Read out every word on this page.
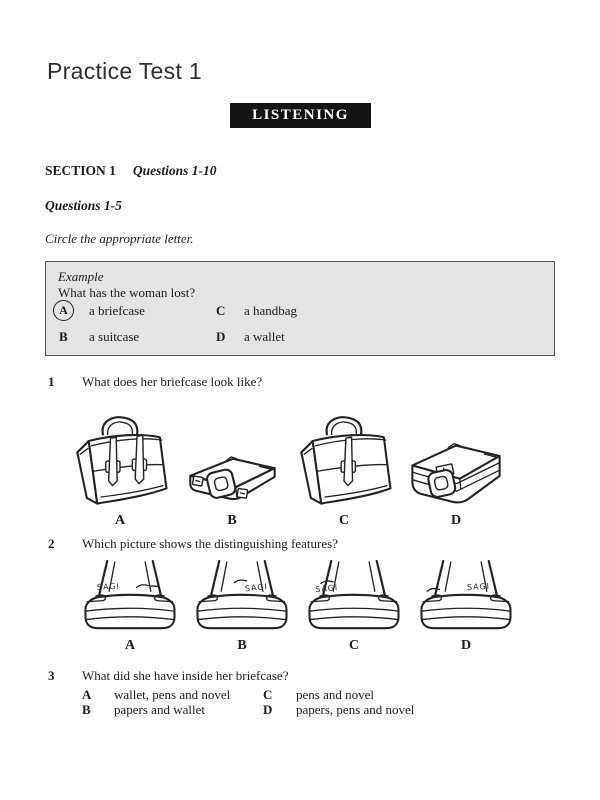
Practice Test 1
LISTENING
SECTION 1 Questions 1-10
Questions 1-5
Circle the appropriate letter.
Example
What has the woman lost?
A	a briefcase	C a handbag
B a suitcase	D a wallet
1 What does her briefcase look like?
A	B	C	D
2 Which picture shows the distinguishing features?
SAGI	SAGI	SAGI	SAGI
A	B	C	D
3 What did she have inside her briefcase?
A wallet, pens and novel	C pens and novel
B papers and wallet	D papers, pens and novel
